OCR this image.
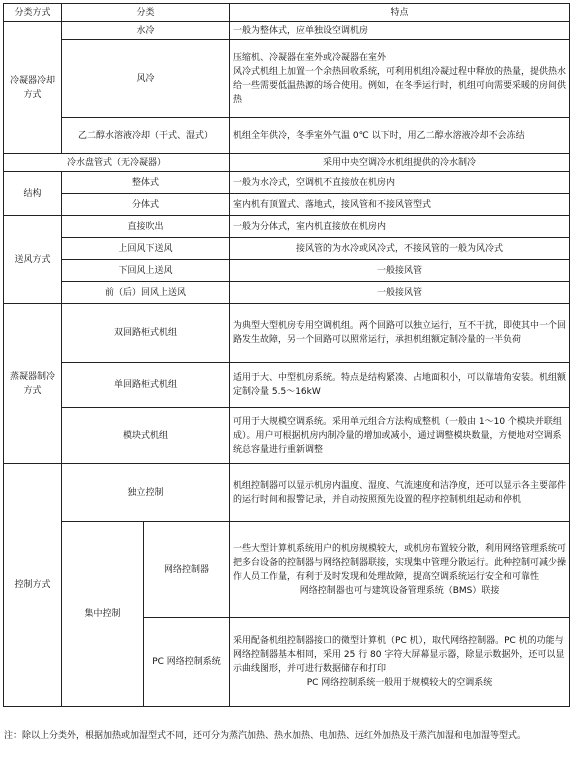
分类方式	分类		特点
冷凝器冷却方式	水冷		一般为整体式，应单独设空调机房
	风冷		压缩机、冷凝器在室外或冷凝器在室外
风冷式机组上加置一个余热回收系统，可利用机组冷凝过程中释放的热量，提供热水给一些需要低温热源的场合使用。例如，在冬季运行时，机组可向需要采暖的房间供热

	乙二醇水溶液冷却（干式、湿式）		机组全年供冷，冬季室外气温 0℃ 以下时，用乙二醇水溶液冷却不会冻结
冷水盘管式（无冷凝器）			采用中央空调冷水机组提供的冷水制冷
结构	整体式		一般为水冷式，空调机不直接放在机房内
	分体式		室内机有顶置式、落地式，接风管和不接风管型式
送风方式	直接吹出		一般为分体式，室内机直接放在机房内
	上回风下送风		接风管的为水冷或风冷式，不接风管的一般为风冷式
	下回风上送风		一般接风管
	前（后）回风上送风		一般接风管
蒸凝器制冷方式	双回路柜式机组		为典型大型机房专用空调机组。两个回路可以独立运行，互不干扰，即使其中一个回路发生故障，另一个回路可以照常运行，承担机组额定制冷量的一半负荷
	单回路柜式机组		适用于大、中型机房系统。特点是结构紧凑、占地面积小，可以靠墙角安装。机组额定制冷量 5.5～16kW
	模块式机组		可用于大规模空调系统。采用单元组合方法构成整机（一般由 1～10 个模块并联组成）。用户可根据机房内制冷量的增加或减小，通过调整模块数量，方便地对空调系统总容量进行重新调整
控制方式	独立控制		机组控制器可以显示机房内温度、湿度、气流速度和洁净度，还可以显示各主要部件的运行时间和报警记录，并自动按照预先设置的程序控制机组起动和停机
	集中控制	网络控制器	一些大型计算机系统用户的机房规模较大，或机房布置较分散，利用网络管理系统可把多台设备的控制器与网络控制器联接，实现集中管理分散运行。此种控制可减少操作人员工作量，有利于及时发现和处理故障，提高空调系统运行安全和可靠性
网络控制器也可与建筑设备管理系统（BMS）联接

		PC 网络控制系统	采用配备机组控制器接口的微型计算机（PC 机），取代网络控制器。PC 机的功能与网络控制器基本相同，采用 25 行 80 字符大屏幕显示器，除显示数据外，还可以显示曲线图形，并可进行数据储存和打印
PC 网络控制系统一般用于规模较大的空调系统

注：除以上分类外，根据加热或加湿型式不同，还可分为蒸汽加热、热水加热、电加热、远红外加热及干蒸汽加湿和电加湿等型式。
